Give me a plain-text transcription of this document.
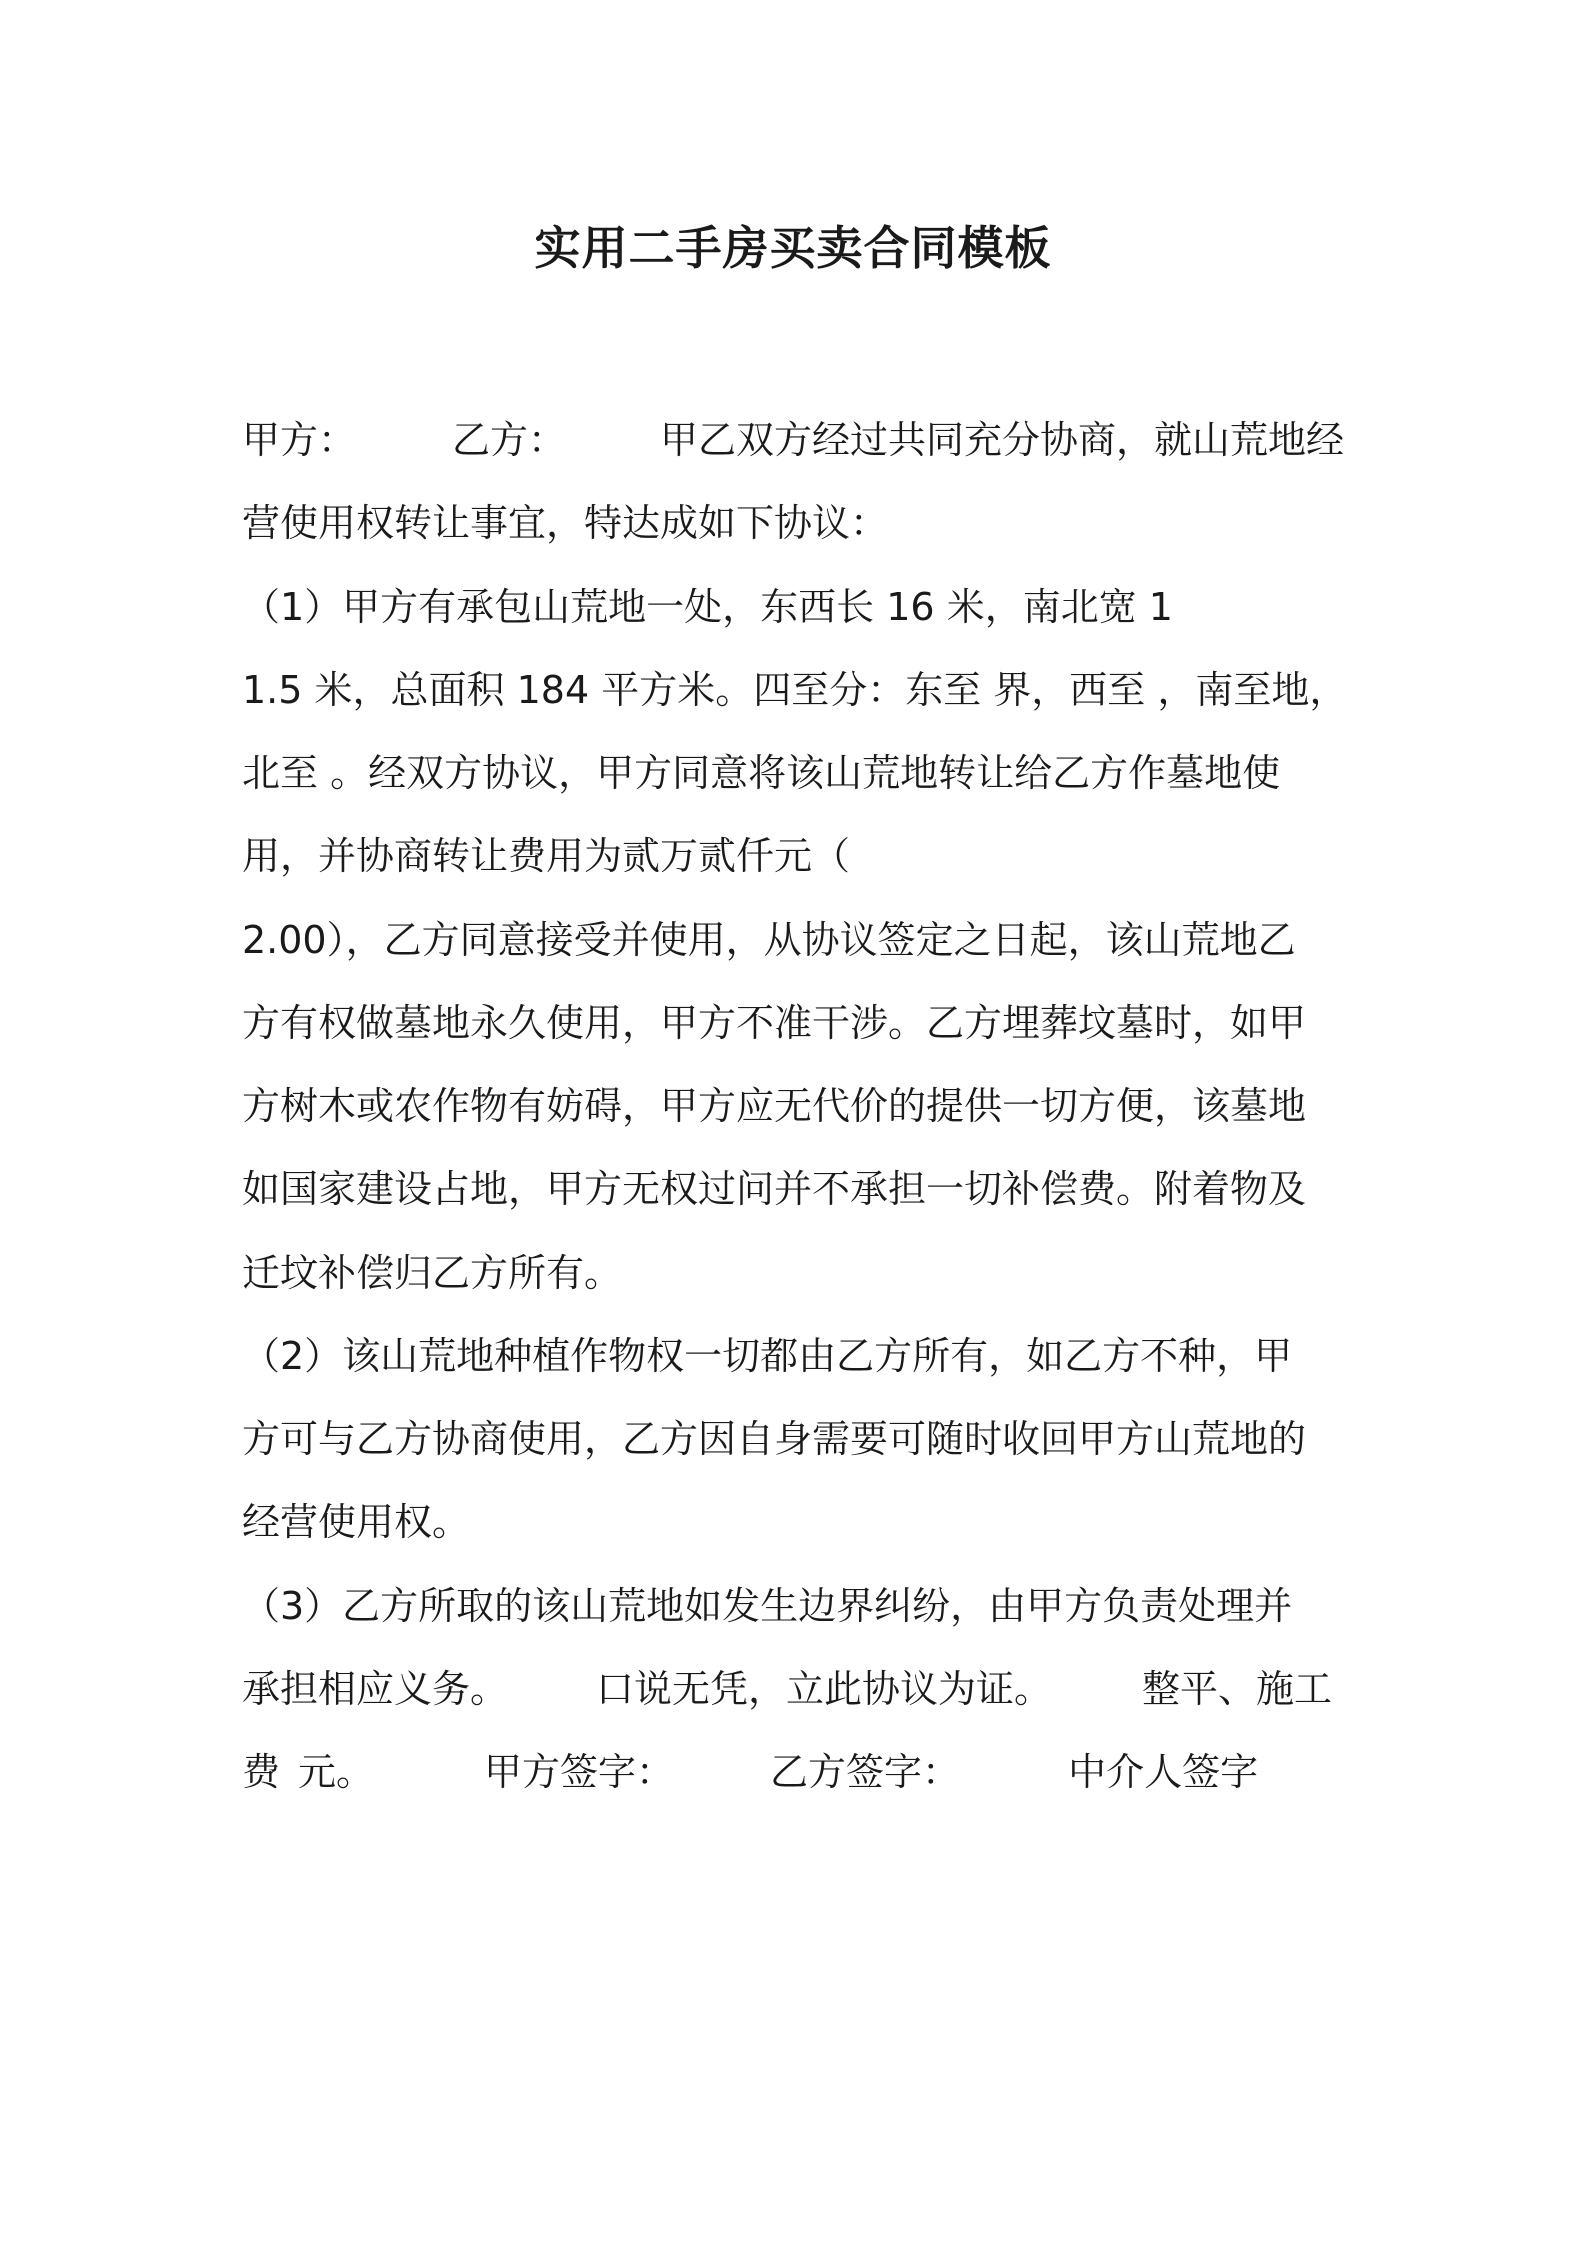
实用二手房买卖合同模板

甲方：	乙方： 甲乙双方经过共同充分协商，就山荒地经

营使用权转让事宜，特达成如下协议：

（1）甲方有承包山荒地一处，东西长 16 米，南北宽 1

1.5 米，总面积 184 平方米。四至分：东至 界，西至 ，南至地，

北至 。经双方协议，甲方同意将该山荒地转让给乙方作墓地使

用，并协商转让费用为贰万贰仟元（

2.00），乙方同意接受并使用，从协议签定之日起，该山荒地乙

方有权做墓地永久使用，甲方不准干涉。乙方埋葬坟墓时，如甲

方树木或农作物有妨碍，甲方应无代价的提供一切方便，该墓地

如国家建设占地，甲方无权过问并不承担一切补偿费。附着物及

迁坟补偿归乙方所有。

（2）该山荒地种植作物权一切都由乙方所有，如乙方不种，甲

方可与乙方协商使用，乙方因自身需要可随时收回甲方山荒地的

经营使用权。

（3）乙方所取的该山荒地如发生边界纠纷，由甲方负责处理并

承担相应义务。 口说无凭，立此协议为证。 整平、施工

费 元。	甲方签字：	乙方签字：	中介人签字
